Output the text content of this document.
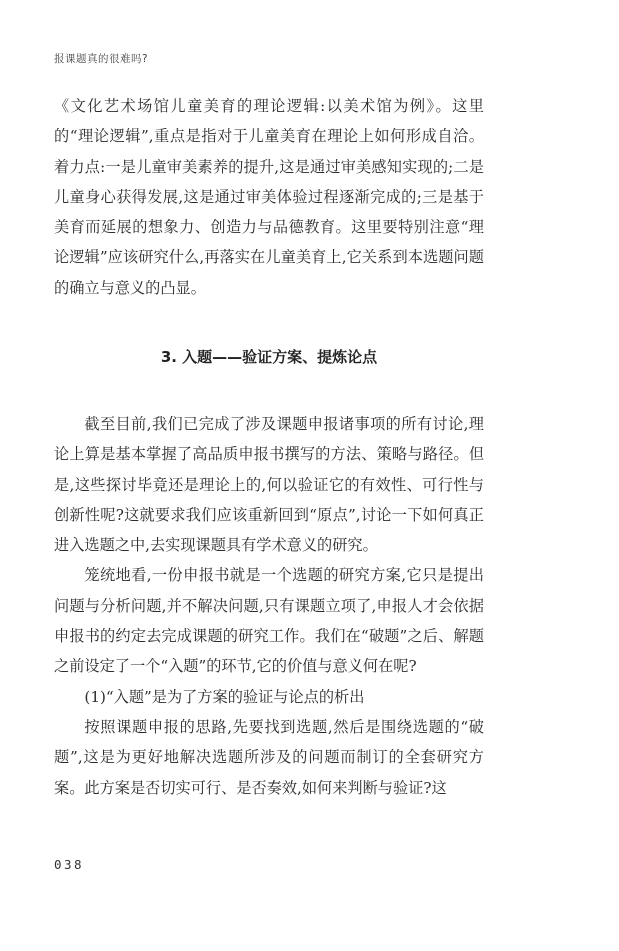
报课题真的很难吗?

《文化艺术场馆儿童美育的理论逻辑:以美术馆为例》。这里的“理论逻辑”,重点是指对于儿童美育在理论上如何形成自洽。着力点:一是儿童审美素养的提升,这是通过审美感知实现的;二是儿童身心获得发展,这是通过审美体验过程逐渐完成的;三是基于美育而延展的想象力、创造力与品德教育。这里要特别注意“理论逻辑”应该研究什么,再落实在儿童美育上,它关系到本选题问题的确立与意义的凸显。

3. 入题——验证方案、提炼论点

截至目前,我们已完成了涉及课题申报诸事项的所有讨论,理论上算是基本掌握了高品质申报书撰写的方法、策略与路径。但是,这些探讨毕竟还是理论上的,何以验证它的有效性、可行性与创新性呢?这就要求我们应该重新回到“原点”,讨论一下如何真正进入选题之中,去实现课题具有学术意义的研究。

笼统地看,一份申报书就是一个选题的研究方案,它只是提出问题与分析问题,并不解决问题,只有课题立项了,申报人才会依据申报书的约定去完成课题的研究工作。我们在“破题”之后、解题之前设定了一个“入题”的环节,它的价值与意义何在呢?

(1)“入题”是为了方案的验证与论点的析出

按照课题申报的思路,先要找到选题,然后是围绕选题的“破题”,这是为更好地解决选题所涉及的问题而制订的全套研究方案。此方案是否切实可行、是否奏效,如何来判断与验证?这

038
